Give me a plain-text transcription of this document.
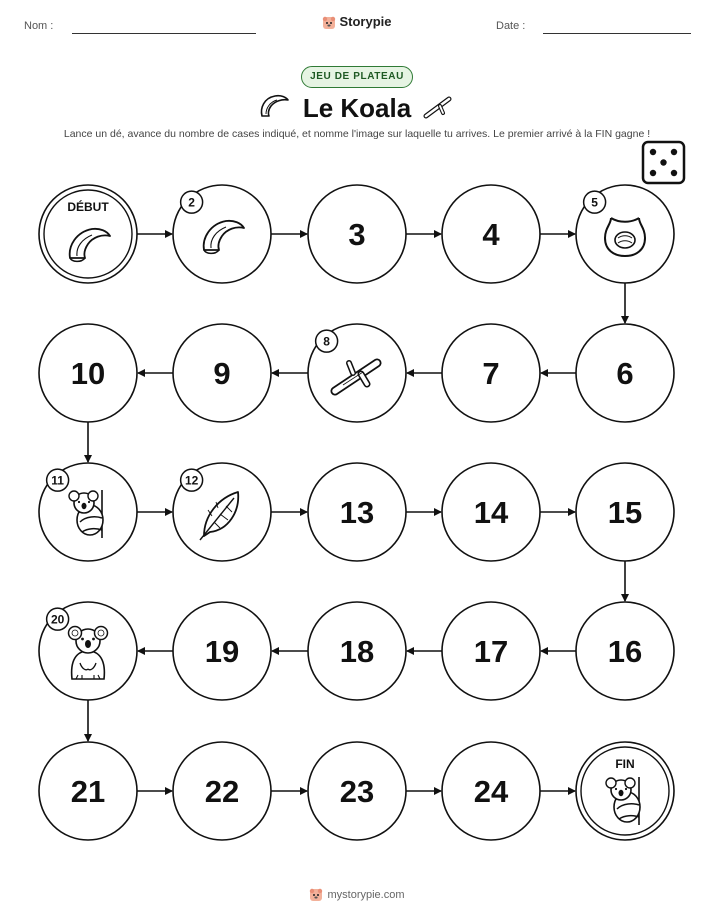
Nom :	Storypie	Date :
JEU DE PLATEAU
Le Koala
Lance un dé, avance du nombre de cases indiqué, et nomme l'image sur laquelle tu arrives. Le premier arrivé à la FIN gagne !
DÉBUT	2
3	4
5
6
7
8
9
10
11	12
13	14	15
16
17
18
19
20
21	22	23	24
FIN
mystorypie.com
